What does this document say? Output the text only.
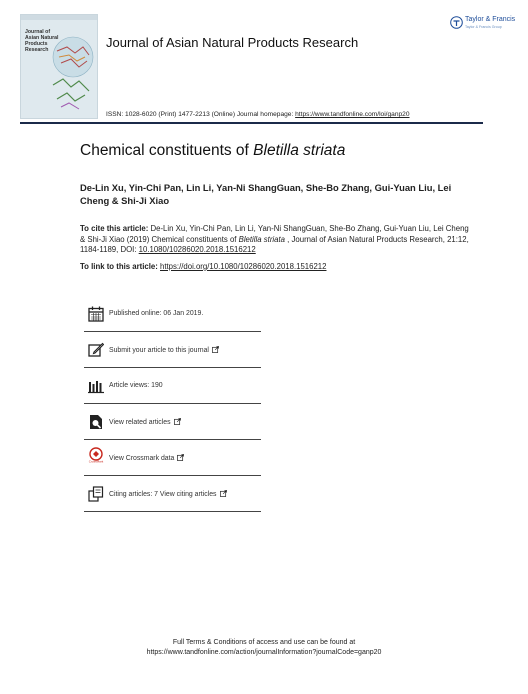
Journal of Asian Natural Products Research	Journal of Asian Natural Products Research
ISSN: 1028-6020 (Print) 1477-2213 (Online) Journal homepage: https://www.tandfonline.com/loi/ganp20
Taylor & Francis
Taylor & Francis Group
Chemical constituents of Bletilla striata
De-Lin Xu, Yin-Chi Pan, Lin Li, Yan-Ni ShangGuan, She-Bo Zhang, Gui-Yuan Liu, Lei Cheng & Shi-Ji Xiao
To cite this article: De-Lin Xu, Yin-Chi Pan, Lin Li, Yan-Ni ShangGuan, She-Bo Zhang, Gui-Yuan Liu, Lei Cheng & Shi-Ji Xiao (2019) Chemical constituents of Bletilla striata , Journal of Asian Natural Products Research, 21:12, 1184-1189, DOI: 10.1080/10286020.2018.1516212
To link to this article: https://doi.org/10.1080/10286020.2018.1516212
Published online: 06 Jan 2019.
Submit your article to this journal
Article views: 190
View related articles
CrossMark View Crossmark data
Citing articles: 7 View citing articles
Full Terms & Conditions of access and use can be found at
https://www.tandfonline.com/action/journalInformation?journalCode=ganp20
